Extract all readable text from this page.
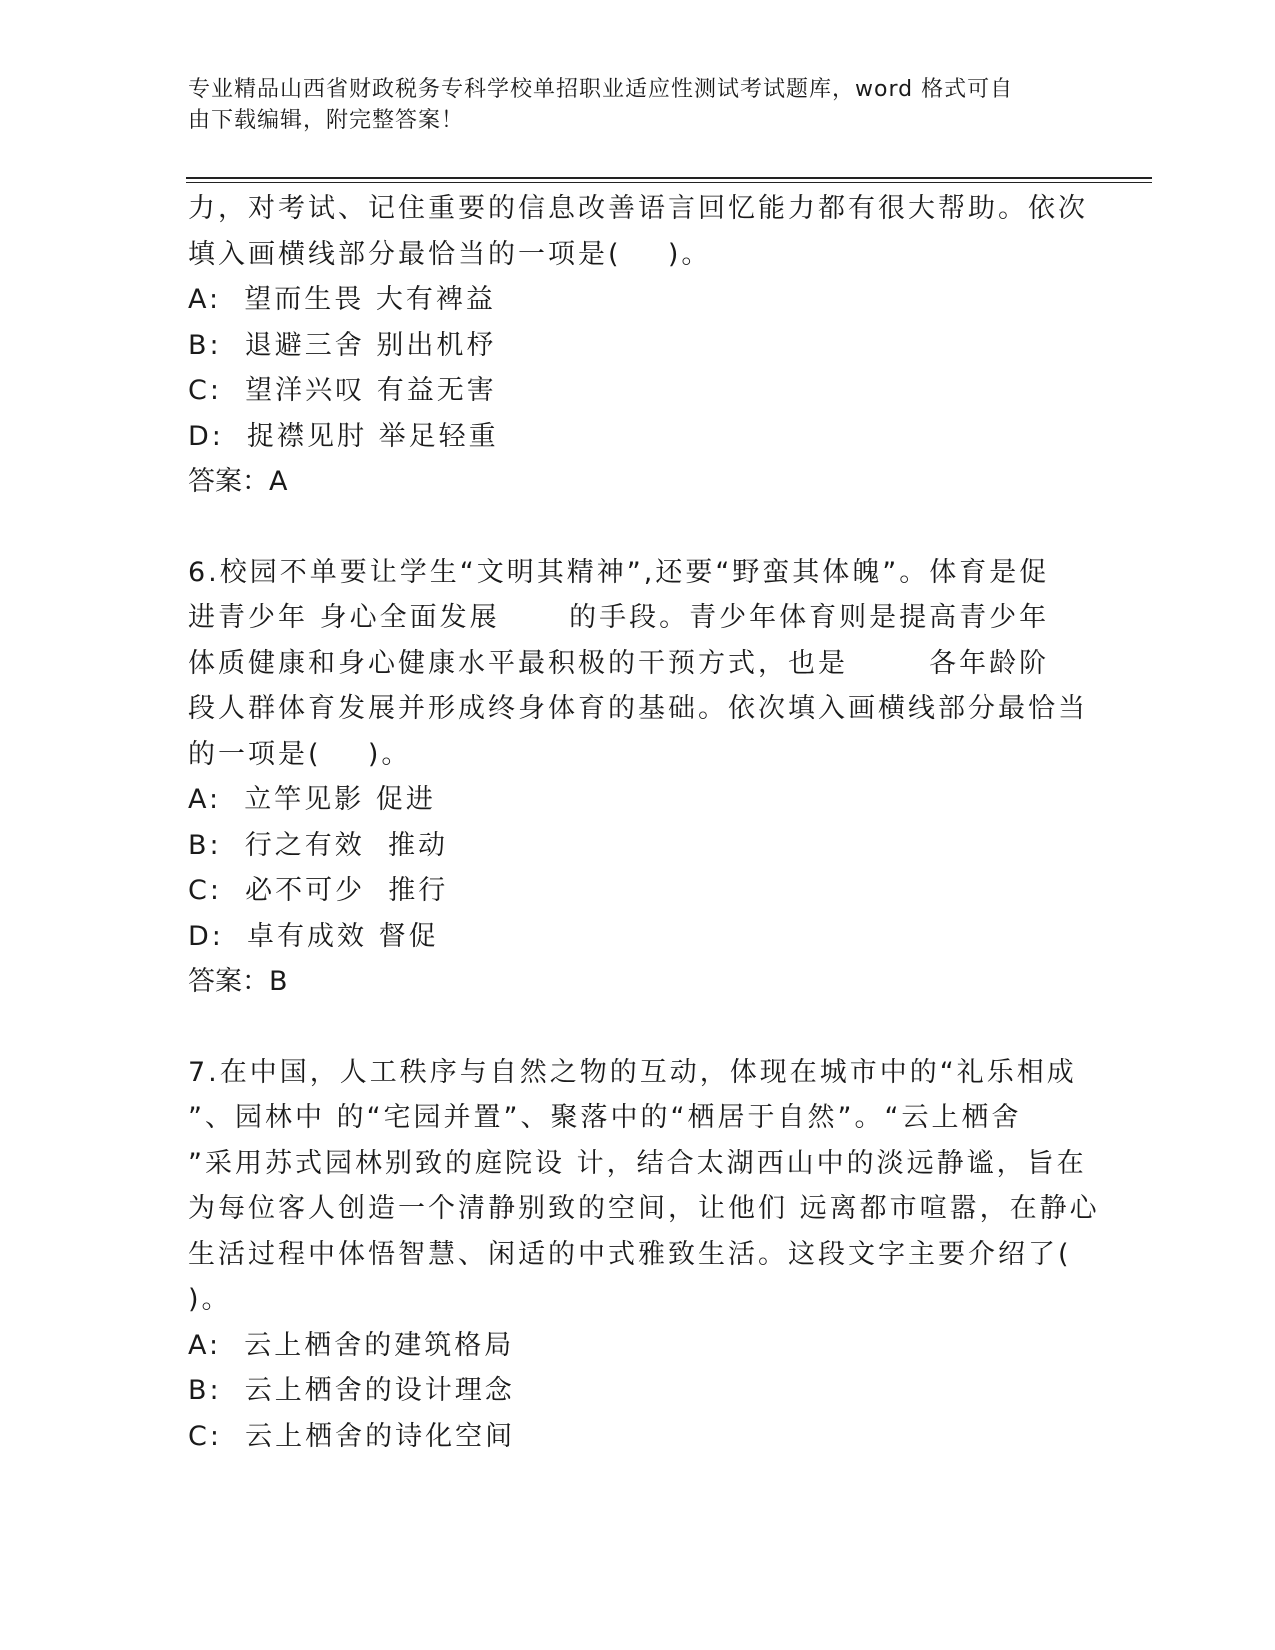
专业精品山西省财政税务专科学校单招职业适应性测试考试题库，word 格式可自
由下载编辑，附完整答案！
力，对考试、记住重要的信息改善语言回忆能力都有很大帮助。依次
填入画横线部分最恰当的一项是(    )。
A:  望而生畏 大有裨益
B:  退避三舍 别出机杼
C:  望洋兴叹 有益无害
D:  捉襟见肘 举足轻重
答案：A
6.校园不单要让学生“文明其精神”,还要“野蛮其体魄”。体育是促
进青少年 身心全面发展      的手段。青少年体育则是提高青少年
体质健康和身心健康水平最积极的干预方式，也是       各年龄阶
段人群体育发展并形成终身体育的基础。依次填入画横线部分最恰当
的一项是(    )。
A:  立竿见影 促进
B:  行之有效  推动
C:  必不可少  推行
D:  卓有成效 督促
答案：B
7.在中国，人工秩序与自然之物的互动，体现在城市中的“礼乐相成
”、园林中 的“宅园并置”、聚落中的“栖居于自然”。“云上栖舍
”采用苏式园林别致的庭院设 计，结合太湖西山中的淡远静谧，旨在
为每位客人创造一个清静别致的空间，让他们 远离都市喧嚣，在静心
生活过程中体悟智慧、闲适的中式雅致生活。这段文字主要介绍了(
)。
A:  云上栖舍的建筑格局
B:  云上栖舍的设计理念
C:  云上栖舍的诗化空间
